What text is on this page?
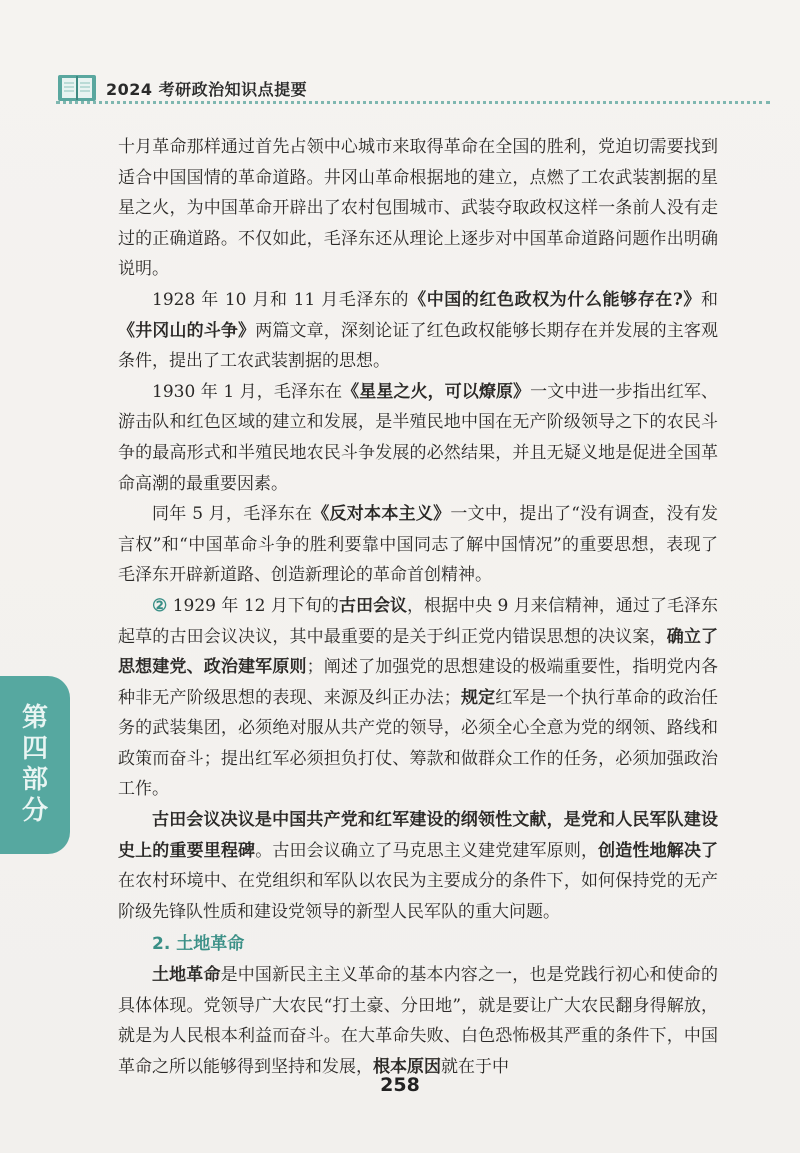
2024 考研政治知识点提要

十月革命那样通过首先占领中心城市来取得革命在全国的胜利，党迫切需要找到适合中国国情的革命道路。井冈山革命根据地的建立，点燃了工农武装割据的星星之火，为中国革命开辟出了农村包围城市、武装夺取政权这样一条前人没有走过的正确道路。不仅如此，毛泽东还从理论上逐步对中国革命道路问题作出明确说明。

1928 年 10 月和 11 月毛泽东的《中国的红色政权为什么能够存在?》和《井冈山的斗争》两篇文章，深刻论证了红色政权能够长期存在并发展的主客观条件，提出了工农武装割据的思想。

1930 年 1 月，毛泽东在《星星之火，可以燎原》一文中进一步指出红军、游击队和红色区域的建立和发展，是半殖民地中国在无产阶级领导之下的农民斗争的最高形式和半殖民地农民斗争发展的必然结果，并且无疑义地是促进全国革命高潮的最重要因素。

同年 5 月，毛泽东在《反对本本主义》一文中，提出了“没有调查，没有发言权”和“中国革命斗争的胜利要靠中国同志了解中国情况”的重要思想，表现了毛泽东开辟新道路、创造新理论的革命首创精神。

② 1929 年 12 月下旬的古田会议，根据中央 9 月来信精神，通过了毛泽东起草的古田会议决议，其中最重要的是关于纠正党内错误思想的决议案，确立了思想建党、政治建军原则；阐述了加强党的思想建设的极端重要性，指明党内各种非无产阶级思想的表现、来源及纠正办法；规定红军是一个执行革命的政治任务的武装集团，必须绝对服从共产党的领导，必须全心全意为党的纲领、路线和政策而奋斗；提出红军必须担负打仗、筹款和做群众工作的任务，必须加强政治工作。

古田会议决议是中国共产党和红军建设的纲领性文献，是党和人民军队建设史上的重要里程碑。古田会议确立了马克思主义建党建军原则，创造性地解决了在农村环境中、在党组织和军队以农民为主要成分的条件下，如何保持党的无产阶级先锋队性质和建设党领导的新型人民军队的重大问题。

2. 土地革命

土地革命是中国新民主主义革命的基本内容之一，也是党践行初心和使命的具体体现。党领导广大农民“打土豪、分田地”，就是要让广大农民翻身得解放，就是为人民根本利益而奋斗。在大革命失败、白色恐怖极其严重的条件下，中国革命之所以能够得到坚持和发展，根本原因就在于中

第
四
部
分
258
